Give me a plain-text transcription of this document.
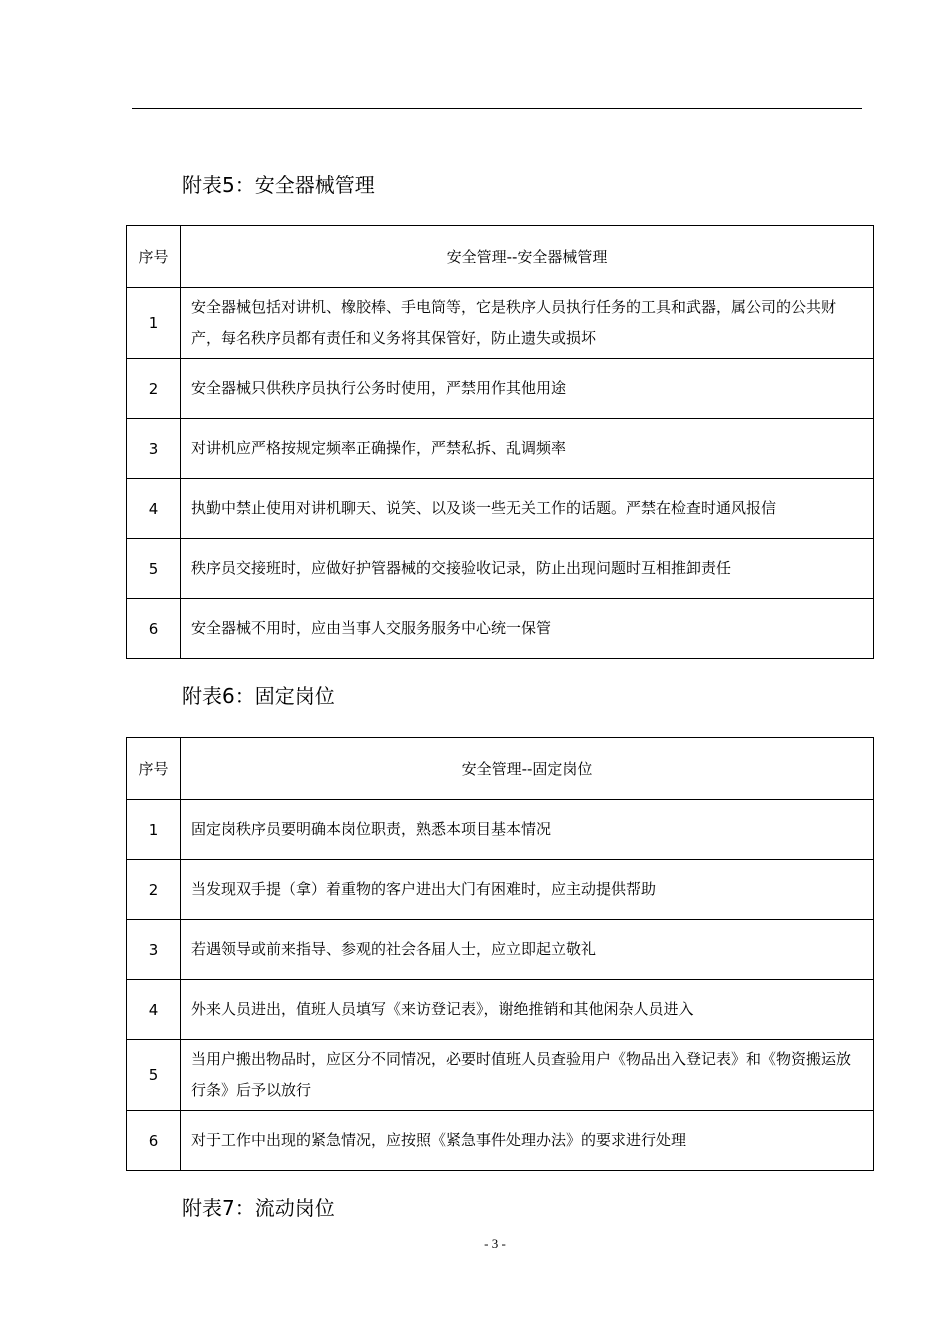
附表5：安全器械管理
序号	安全管理--安全器械管理
1	安全器械包括对讲机、橡胶棒、手电筒等，它是秩序人员执行任务的工具和武器，属公司的公共财产，每名秩序员都有责任和义务将其保管好，防止遗失或损坏
2	安全器械只供秩序员执行公务时使用，严禁用作其他用途
3	对讲机应严格按规定频率正确操作，严禁私拆、乱调频率
4	执勤中禁止使用对讲机聊天、说笑、以及谈一些无关工作的话题。严禁在检查时通风报信
5	秩序员交接班时，应做好护管器械的交接验收记录，防止出现问题时互相推卸责任
6	安全器械不用时，应由当事人交服务服务中心统一保管
附表6：固定岗位
序号	安全管理--固定岗位
1	固定岗秩序员要明确本岗位职责，熟悉本项目基本情况
2	当发现双手提（拿）着重物的客户进出大门有困难时，应主动提供帮助
3	若遇领导或前来指导、参观的社会各届人士，应立即起立敬礼
4	外来人员进出，值班人员填写《来访登记表》，谢绝推销和其他闲杂人员进入
5	当用户搬出物品时，应区分不同情况，必要时值班人员查验用户《物品出入登记表》和《物资搬运放行条》后予以放行
6	对于工作中出现的紧急情况，应按照《紧急事件处理办法》的要求进行处理
附表7：流动岗位
- 3 -
